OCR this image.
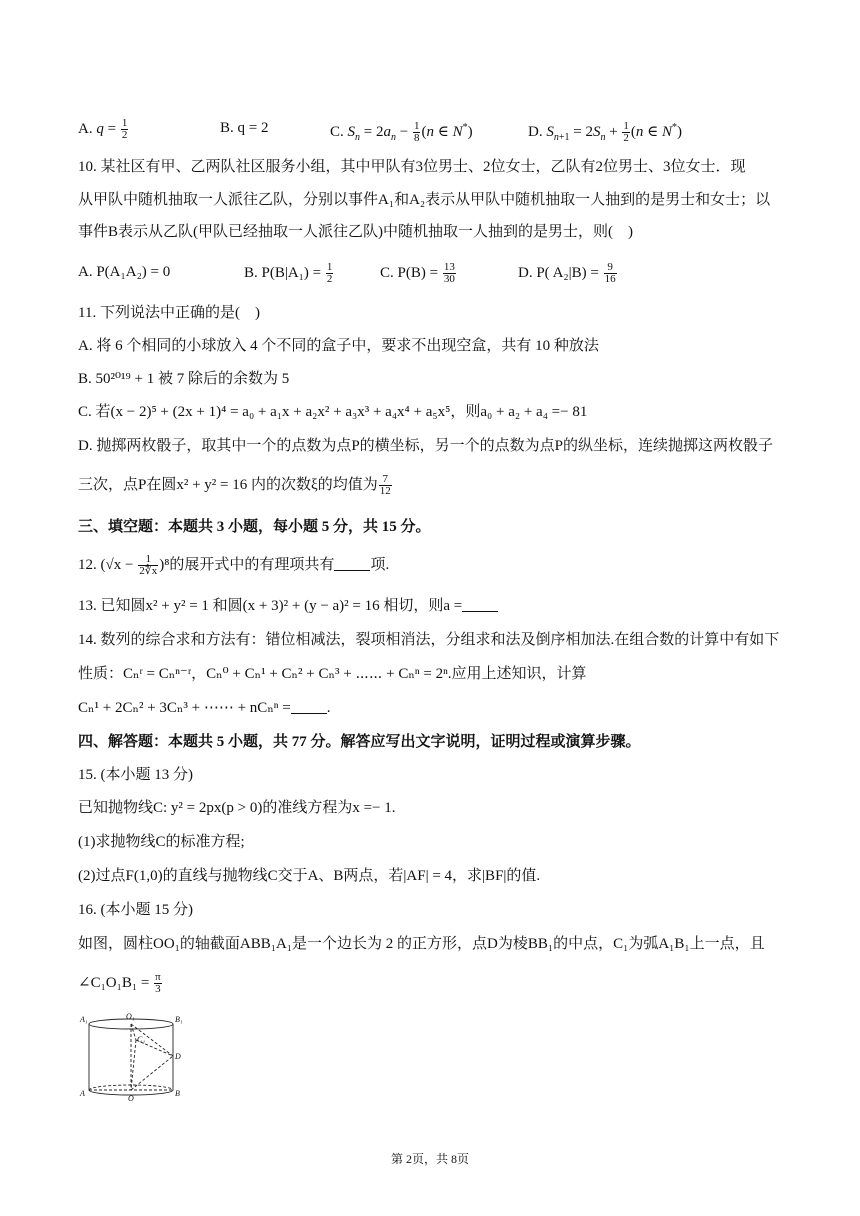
A. $q = \frac{1}{2}$	B. q = 2	C. $S_n = 2a_n - \frac{1}{8} (n$ ∈ N*)	D. $S_{n+1} = 2S_n + \frac{1}{2} (n$ ∈ N*)
10. 某社区有甲、乙两队社区服务小组，其中甲队有3位男士、2位女士，乙队有2位男士、3位女士．现
从甲队中随机抽取一人派往乙队，分别以事件A₁和A₂表示从甲队中随机抽取一人抽到的是男士和女士；以
事件B表示从乙队(甲队已经抽取一人派往乙队)中随机抽取一人抽到的是男士，则(　)
A. P(A₁A₂) = 0	B. $P(B|A_1) = \frac{1}{2}$	C. $P(B) = \frac{13}{30}$	D. P( $A_2|B) = \frac{9}{16}$
11. 下列说法中正确的是(　)
A. 将 6 个相同的小球放入 4 个不同的盒子中，要求不出现空盒，共有 10 种放法
B. 50²⁰¹⁹ + 1 被 7 除后的余数为 5
C. 若(x − 2)⁵ + (2x + 1)⁴ = a₀ + a₁x + a₂x² + a₃x³ + a₄x⁴ + a₅x⁵，则a₀ + a₂ + a₄ =− 81
D. 抛掷两枚骰子，取其中一个的点数为点P的横坐标，另一个的点数为点P的纵坐标，连续抛掷这两枚骰子
三次，点P在圆x² + y² = 16 内的次数ξ的均值为 $\frac{7}{12}$
三、填空题：本题共 3 小题，每小题 5 分，共 15 分。
12. $(√x - \frac{1}{2∜x} )^8$的展开式中的有理项共有 项.
13. 已知圆x² + y² = 1 和圆(x + 3)² + (y − a)² = 16 相切，则a =
14. 数列的综合求和方法有：错位相减法，裂项相消法，分组求和法及倒序相加法.在组合数的计算中有如下
性质：Cₙʳ = Cₙⁿ⁻ʳ，Cₙ⁰ + Cₙ¹ + Cₙ² + Cₙ³ + ⋯⋯ + Cₙⁿ = 2ⁿ.应用上述知识，计算
Cₙ¹ + 2Cₙ² + 3Cₙ³ + ⋯⋯ + nCₙⁿ = .
四、解答题：本题共 5 小题，共 77 分。解答应写出文字说明，证明过程或演算步骤。
15. (本小题 13 分)
已知抛物线C: y² = 2px(p > 0)的准线方程为x =− 1.
(1)求抛物线C的标准方程;
(2)过点F(1,0)的直线与抛物线C交于A、B两点，若|AF| = 4，求|BF|的值.
16. (本小题 15 分)
如图，圆柱OO₁的轴截面ABB₁A₁是一个边长为 2 的正方形，点D为棱BB₁的中点，C₁为弧A₁B₁上一点，且
∠C₁O₁B₁ = $\frac{\pi}{3}$
A₁	O₁	B₁
C₁
D
A
O
B
第 2页，共 8页
